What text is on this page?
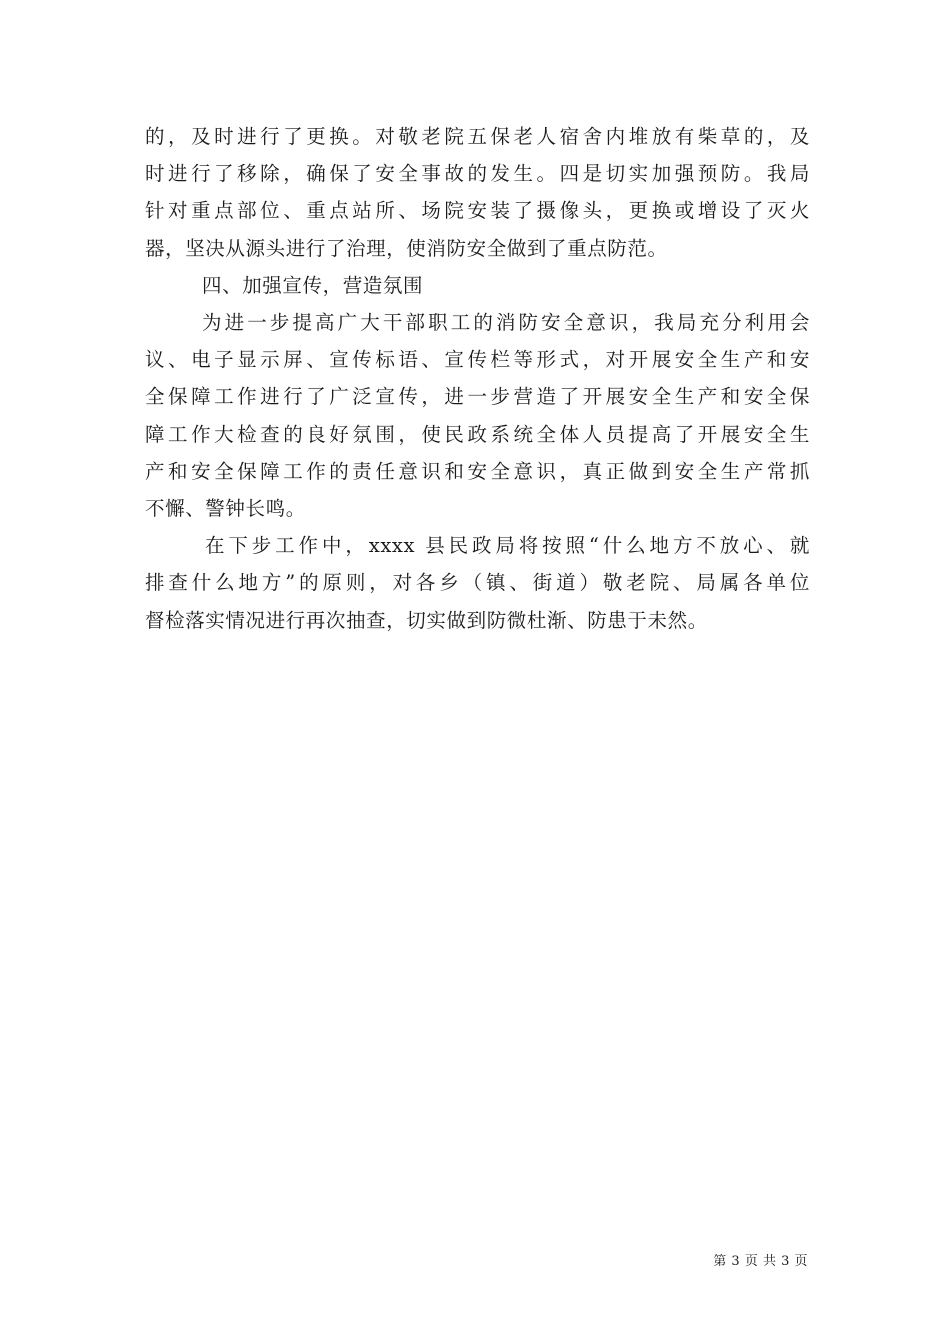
的，及时进行了更换。对敬老院五保老人宿舍内堆放有柴草的，及
时进行了移除，确保了安全事故的发生。四是切实加强预防。我局
针对重点部位、重点站所、场院安装了摄像头，更换或增设了灭火
器，坚决从源头进行了治理，使消防安全做到了重点防范。
四、加强宣传，营造氛围
为进一步提高广大干部职工的消防安全意识，我局充分利用会
议、电子显示屏、宣传标语、宣传栏等形式，对开展安全生产和安
全保障工作进行了广泛宣传，进一步营造了开展安全生产和安全保
障工作大检查的良好氛围，使民政系统全体人员提高了开展安全生
产和安全保障工作的责任意识和安全意识，真正做到安全生产常抓
不懈、警钟长鸣。
在下步工作中，xxxx 县民政局将按照“什么地方不放心、就
排查什么地方”的原则，对各乡（镇、街道）敬老院、局属各单位
督检落实情况进行再次抽查，切实做到防微杜渐、防患于未然。
第 3 页 共 3 页
